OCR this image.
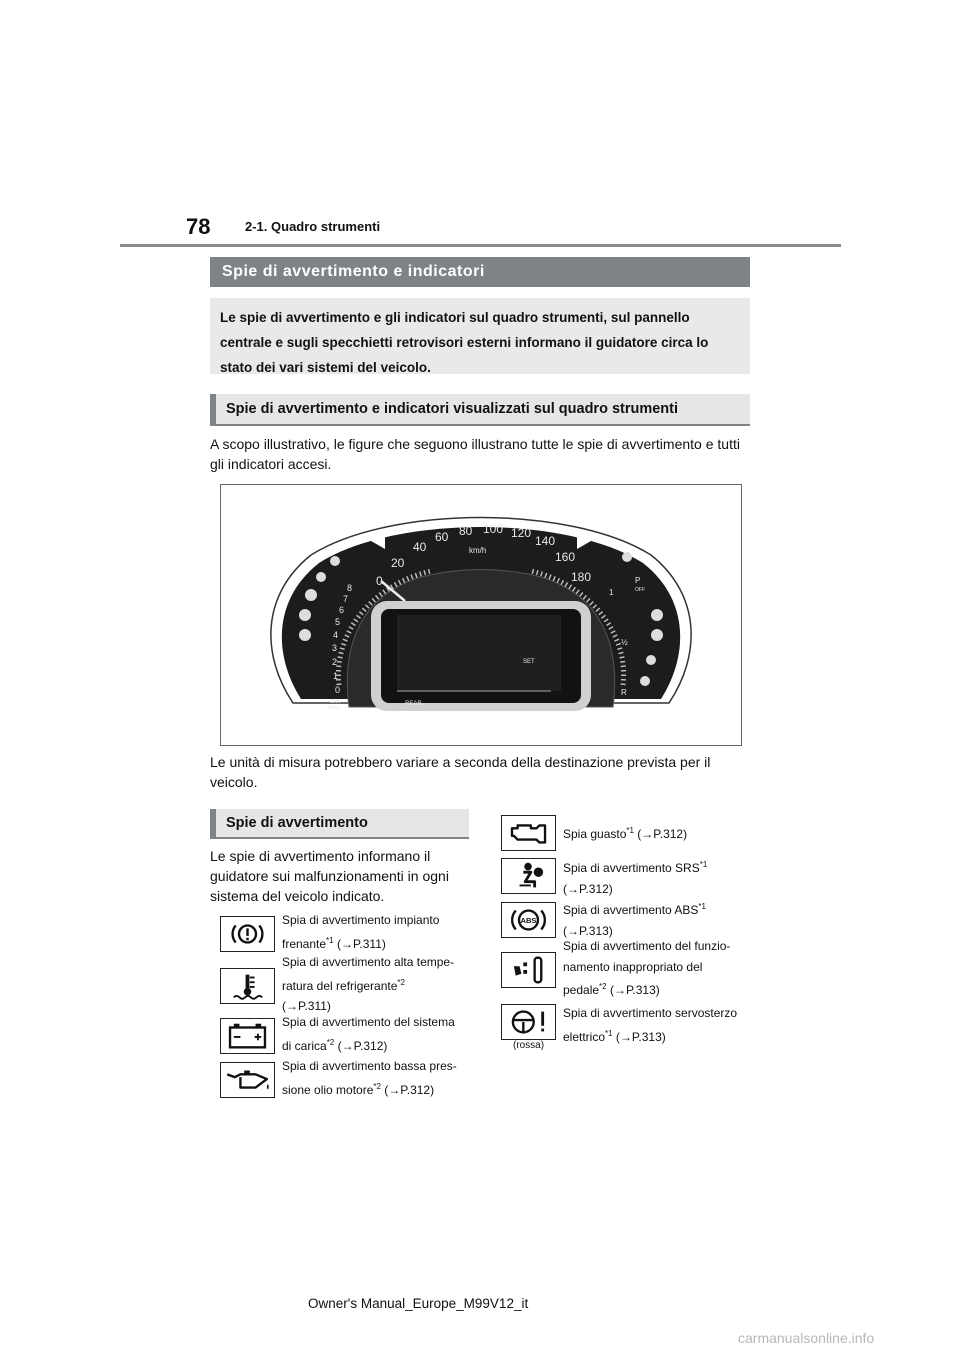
78	2-1. Quadro strumenti
Spie di avvertimento e indicatori
Le spie di avvertimento e gli indicatori sul quadro strumenti, sul pannello centrale e sugli specchietti retrovisori esterni informano il guidatore circa lo stato dei vari sistemi del veicolo.
Spie di avvertimento e indicatori visualizzati sul quadro strumenti
A scopo illustrativo, le figure che seguono illustrano tutte le spie di avvertimento e tutti gli indicatori accesi.
0
20
40
60 80 100 120
140
160
180
km/h
0
1
2
3
4
5
6
7
8
×1000
r/min
SET
REAR
1
½
R
P
OFF
Le unità di misura potrebbero variare a seconda della destinazione prevista per il veicolo.
Spie di avvertimento
Le spie di avvertimento informano il guidatore sui malfunzionamenti in ogni sistema del veicolo indicato.
Spia di avvertimento impianto
frenante$^{*1}$ (→P.311)
Spia di avvertimento alta tempe-
ratura del refrigerante$^{*2}$
(→P.311)
Spia di avvertimento del sistema
di carica$^{*2}$ (→P.312)
Spia di avvertimento bassa pres-
sione olio motore$^{*2}$ (→P.312)
Spia guasto$^{*1}$ (→P.312)
Spia di avvertimento SRS$^{*1}$
(→P.312)
ABS
Spia di avvertimento ABS$^{*1}$
(→P.313)
Spia di avvertimento del funzio-
namento inappropriato del
pedale$^{*2}$ (→P.313)
(rossa)
Spia di avvertimento servosterzo
elettrico$^{*1}$ (→P.313)
Owner's Manual_Europe_M99V12_it
carmanualsonline.info
